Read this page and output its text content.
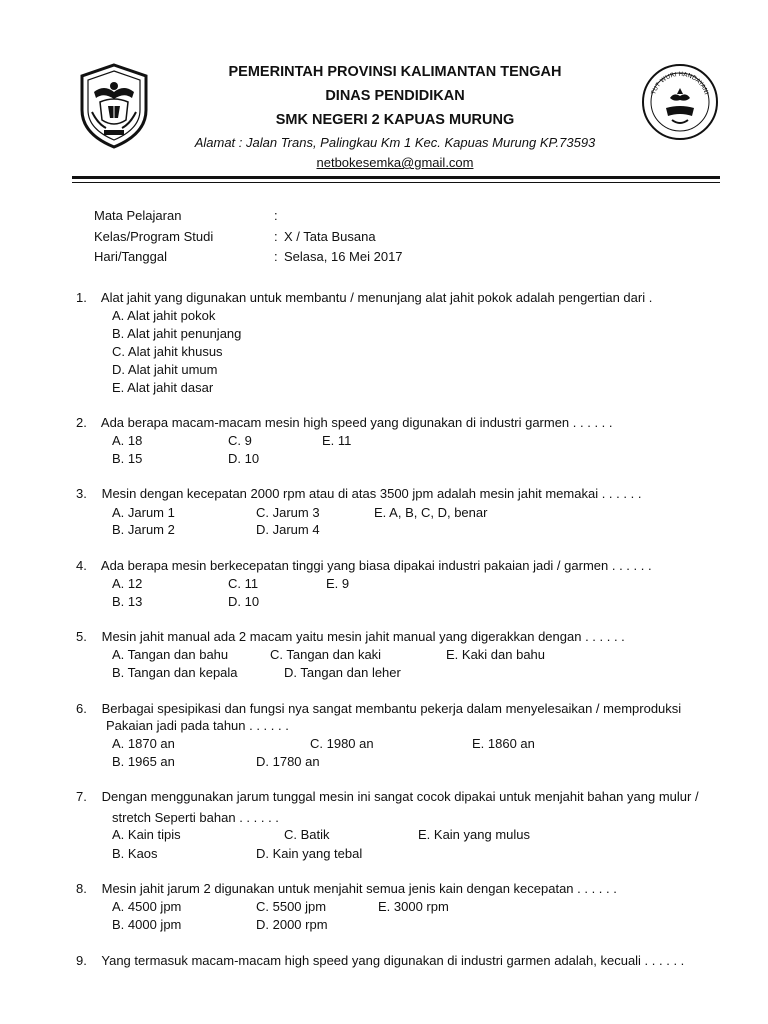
TUT WURI HANDAYANI
PEMERINTAH PROVINSI KALIMANTAN TENGAH
DINAS PENDIDIKAN
SMK NEGERI 2 KAPUAS MURUNG
Alamat : Jalan Trans, Palingkau Km 1 Kec. Kapuas Murung KP.73593
netbokesemka@gmail.com
Mata Pelajaran	:
Kelas/Program Studi	: X / Tata Busana
Hari/Tanggal	: Selasa, 16 Mei 2017
1. Alat jahit yang digunakan untuk membantu / menunjang alat jahit pokok adalah pengertian dari .
A. Alat jahit pokok
B. Alat jahit penunjang
C. Alat jahit khusus
D. Alat jahit umum
E. Alat jahit dasar
2. Ada berapa macam-macam mesin high speed yang digunakan di industri garmen . . . . . .
A. 18	C. 9	E. 11
B. 15	D. 10
3. Mesin dengan kecepatan 2000 rpm atau di atas 3500 jpm adalah mesin jahit memakai . . . . . .
A. Jarum 1	C. Jarum 3	E. A, B, C, D, benar
B. Jarum 2	D. Jarum 4
4. Ada berapa mesin berkecepatan tinggi yang biasa dipakai industri pakaian jadi / garmen . . . . . .
A. 12	C. 11	E. 9
B. 13	D. 10
5. Mesin jahit manual ada 2 macam yaitu mesin jahit manual yang digerakkan dengan . . . . . .
A. Tangan dan bahu	C. Tangan dan kaki	E. Kaki dan bahu
B. Tangan dan kepala	D. Tangan dan leher
6. Berbagai spesipikasi dan fungsi nya sangat membantu pekerja dalam menyelesaikan / memproduksi
Pakaian jadi pada tahun . . . . . .
A. 1870 an	C. 1980 an	E. 1860 an
B. 1965 an	D. 1780 an
7. Dengan menggunakan jarum tunggal mesin ini sangat cocok dipakai untuk menjahit bahan yang mulur /
stretch Seperti bahan . . . . . .
A. Kain tipis	C. Batik	E. Kain yang mulus
B. Kaos	D. Kain yang tebal
8. Mesin jahit jarum 2 digunakan untuk menjahit semua jenis kain dengan kecepatan . . . . . .
A. 4500 jpm	C. 5500 jpm	E. 3000 rpm
B. 4000 jpm	D. 2000 rpm
9. Yang termasuk macam-macam high speed yang digunakan di industri garmen adalah, kecuali . . . . . .
